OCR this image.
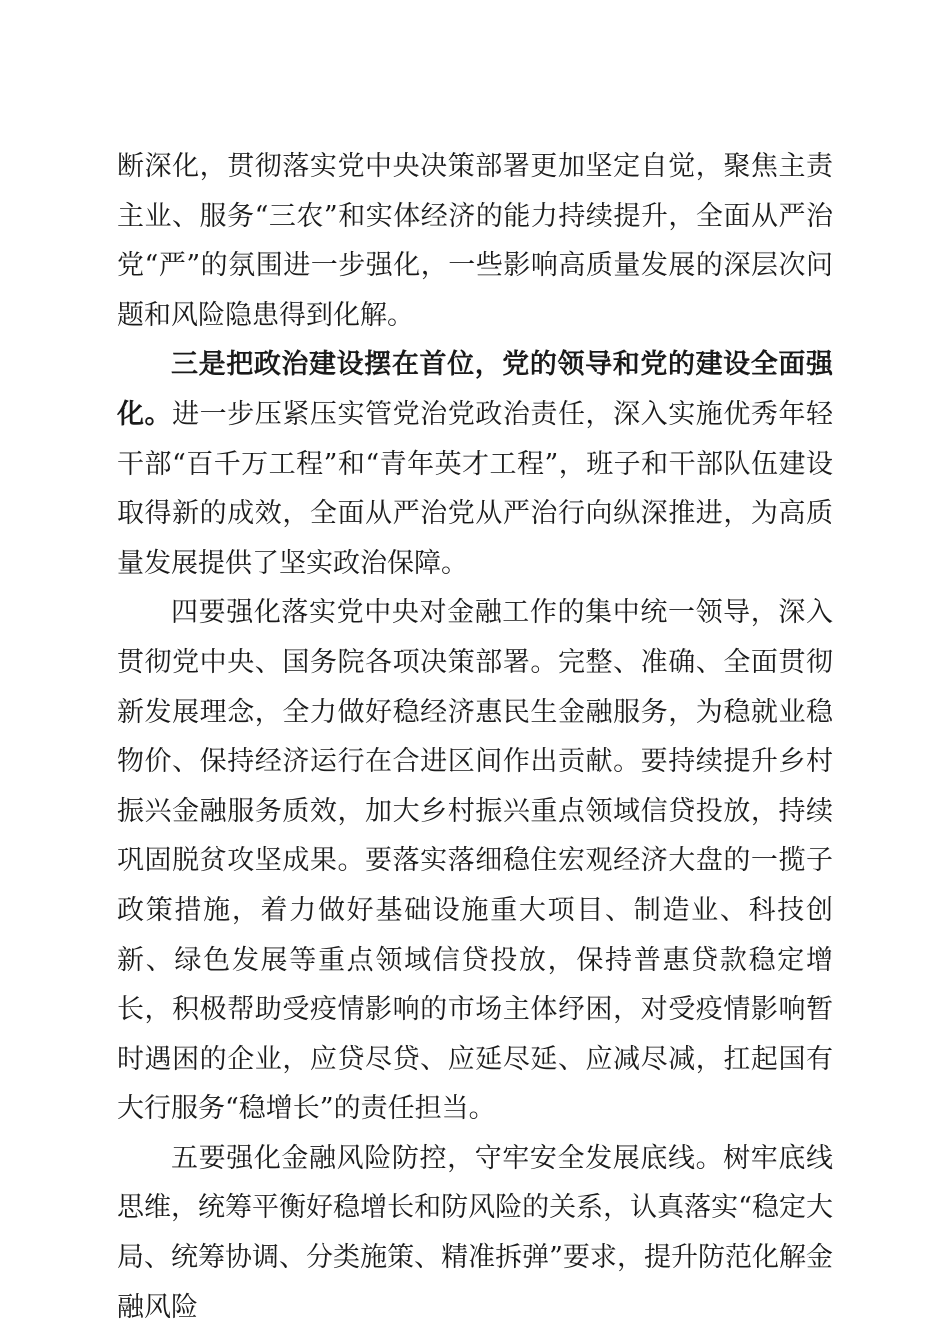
断深化，贯彻落实党中央决策部署更加坚定自觉，聚焦主责主业、服务“三农”和实体经济的能力持续提升，全面从严治党“严”的氛围进一步强化，一些影响高质量发展的深层次问题和风险隐患得到化解。

三是把政治建设摆在首位，党的领导和党的建设全面强化。进一步压紧压实管党治党政治责任，深入实施优秀年轻干部“百千万工程”和“青年英才工程”，班子和干部队伍建设取得新的成效，全面从严治党从严治行向纵深推进，为高质量发展提供了坚实政治保障。

四要强化落实党中央对金融工作的集中统一领导，深入贯彻党中央、国务院各项决策部署。完整、准确、全面贯彻新发展理念，全力做好稳经济惠民生金融服务，为稳就业稳物价、保持经济运行在合进区间作出贡献。要持续提升乡村振兴金融服务质效，加大乡村振兴重点领域信贷投放，持续巩固脱贫攻坚成果。要落实落细稳住宏观经济大盘的一揽子政策措施，着力做好基础设施重大项目、制造业、科技创新、绿色发展等重点领域信贷投放，保持普惠贷款稳定增长，积极帮助受疫情影响的市场主体纾困，对受疫情影响暂时遇困的企业，应贷尽贷、应延尽延、应减尽减，扛起国有大行服务“稳增长”的责任担当。

五要强化金融风险防控，守牢安全发展底线。树牢底线思维，统筹平衡好稳增长和防风险的关系，认真落实“稳定大局、统筹协调、分类施策、精准拆弹”要求，提升防范化解金融风险
